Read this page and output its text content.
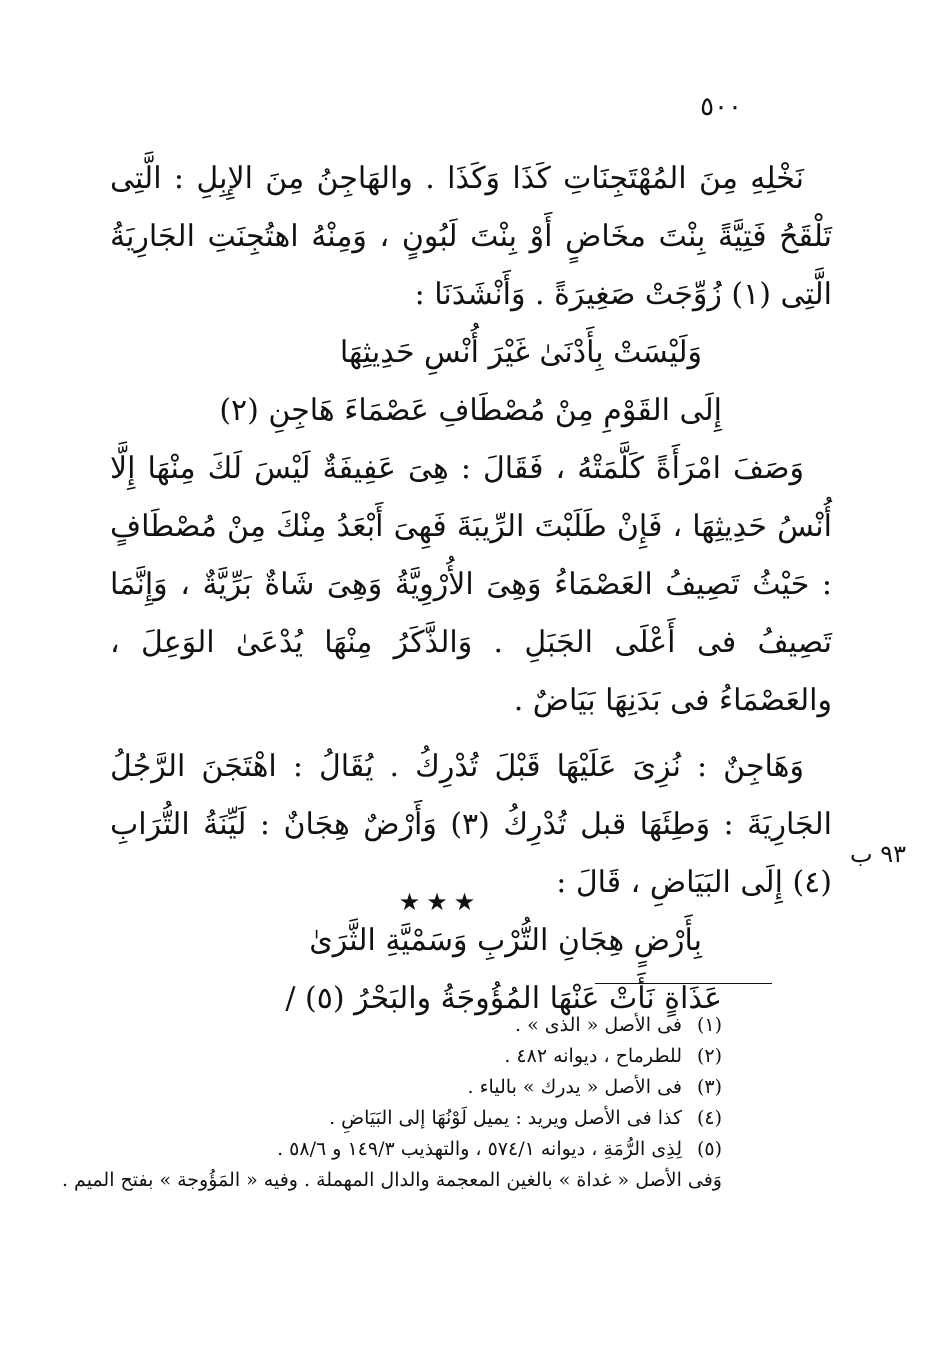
٥٠٠

نَخْلِهِ مِنَ المُهْتَجِنَاتِ كَذَا وَكَذَا . والهَاجِنُ مِنَ الإِبِلِ : الَّتِى تَلْقَحُ فَتِيَّةً بِنْتَ مخَاضٍ أَوْ بِنْتَ لَبُونٍ ، وَمِنْهُ اهتُجِنَتِ الجَارِيَةُ الَّتِى (١) زُوِّجَتْ صَغِيرَةً . وَأَنْشَدَنَا :

وَلَيْسَتْ بِأَدْنَىٰ غَيْرَ أُنْسِ حَدِيثِهَا

إِلَى القَوْمِ مِنْ مُصْطَافِ عَصْمَاءَ هَاجِنِ (٢)

وَصَفَ امْرَأَةً كَلَّمَتْهُ ، فَقَالَ : هِىَ عَفِيفَةٌ لَيْسَ لَكَ مِنْهَا إِلَّا أُنْسُ حَدِيثِهَا ، فَإِنْ طَلَبْتَ الرِّيبَةَ فَهِىَ أَبْعَدُ مِنْكَ مِنْ مُصْطَافٍ : حَيْثُ تَصِيفُ العَصْمَاءُ وَهِىَ الأُرْوِيَّةُ وَهِىَ شَاةٌ بَرِّيَّةٌ ، وَإِنَّمَا تَصِيفُ فى أَعْلَى الجَبَلِ . وَالذَّكَرُ مِنْهَا يُدْعَىٰ الوَعِلَ ، والعَصْمَاءُ فى بَدَنِهَا بَيَاضٌ .

وَهَاجِنٌ : نُزِىَ عَلَيْهَا قَبْلَ تُدْرِكُ . يُقَالُ : اهْتَجَنَ الرَّجُلُ الجَارِيَةَ : وَطِئَهَا قبل تُدْرِكُ (٣) وَأَرْضٌ هِجَانٌ : لَيِّنَةُ التُّرَابِ (٤) إِلَى البَيَاضِ ، قَالَ :

بِأَرْضٍ هِجَانِ التُّرْبِ وَسَمْيَّةِ الثَّرَىٰ

عَذَاةٍ نَأَتْ عَنْهَا المُؤُوجَةُ والبَحْرُ (٥) /

٩٣ ب
★★★

(١)فى الأصل « الذى » .

(٢)للطرماح ، ديوانه ٤٨٢ .

(٣)فى الأصل « يدرك » بالياء .

(٤)كذا فى الأصل ويريد : يميل لَوْنُهَا إلى البَيَاضِ .

(٥)لِذِى الرُّمَةِ ، ديوانه ٥٧٤/١ ، والتهذيب ١٤٩/٣ و ٥٨/٦ .

وَفى الأصل « غداة » بالغين المعجمة والدال المهملة . وفيه « المَؤُوجة » بفتح الميم .
